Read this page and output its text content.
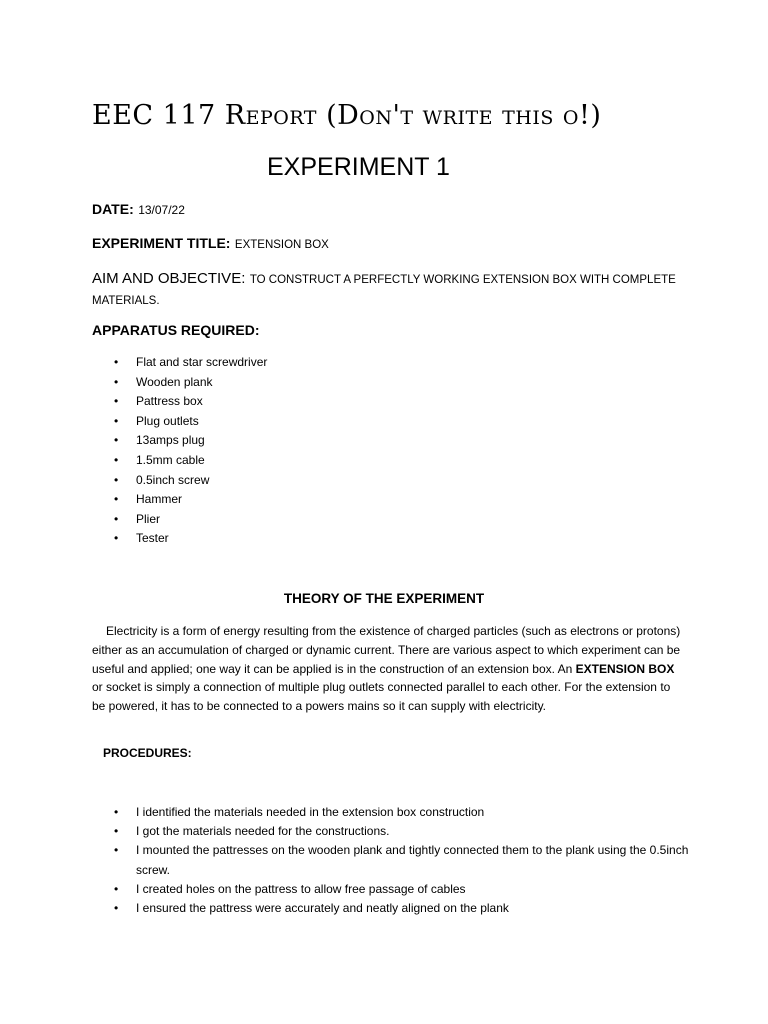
EEC 117 Report (Don't write this o!)
EXPERIMENT 1

DATE: 13/07/22

EXPERIMENT TITLE: EXTENSION BOX

AIM AND OBJECTIVE: TO CONSTRUCT A PERFECTLY WORKING EXTENSION BOX WITH COMPLETE MATERIALS.

APPARATUS REQUIRED:

• Flat and star screwdriver
• Wooden plank
• Pattress box
• Plug outlets
• 13amps plug
• 1.5mm cable
• 0.5inch screw
• Hammer
• Plier
• Tester

THEORY OF THE EXPERIMENT

Electricity is a form of energy resulting from the existence of charged particles (such as electrons or protons) either as an accumulation of charged or dynamic current. There are various aspect to which experiment can be useful and applied; one way it can be applied is in the construction of an extension box. An EXTENSION BOX or socket is simply a connection of multiple plug outlets connected parallel to each other. For the extension to be powered, it has to be connected to a powers mains so it can supply with electricity.

PROCEDURES:

• I identified the materials needed in the extension box construction
• I got the materials needed for the constructions.
• I mounted the pattresses on the wooden plank and tightly connected them to the plank using the 0.5inch screw.
• I created holes on the pattress to allow free passage of cables
• I ensured the pattress were accurately and neatly aligned on the plank
